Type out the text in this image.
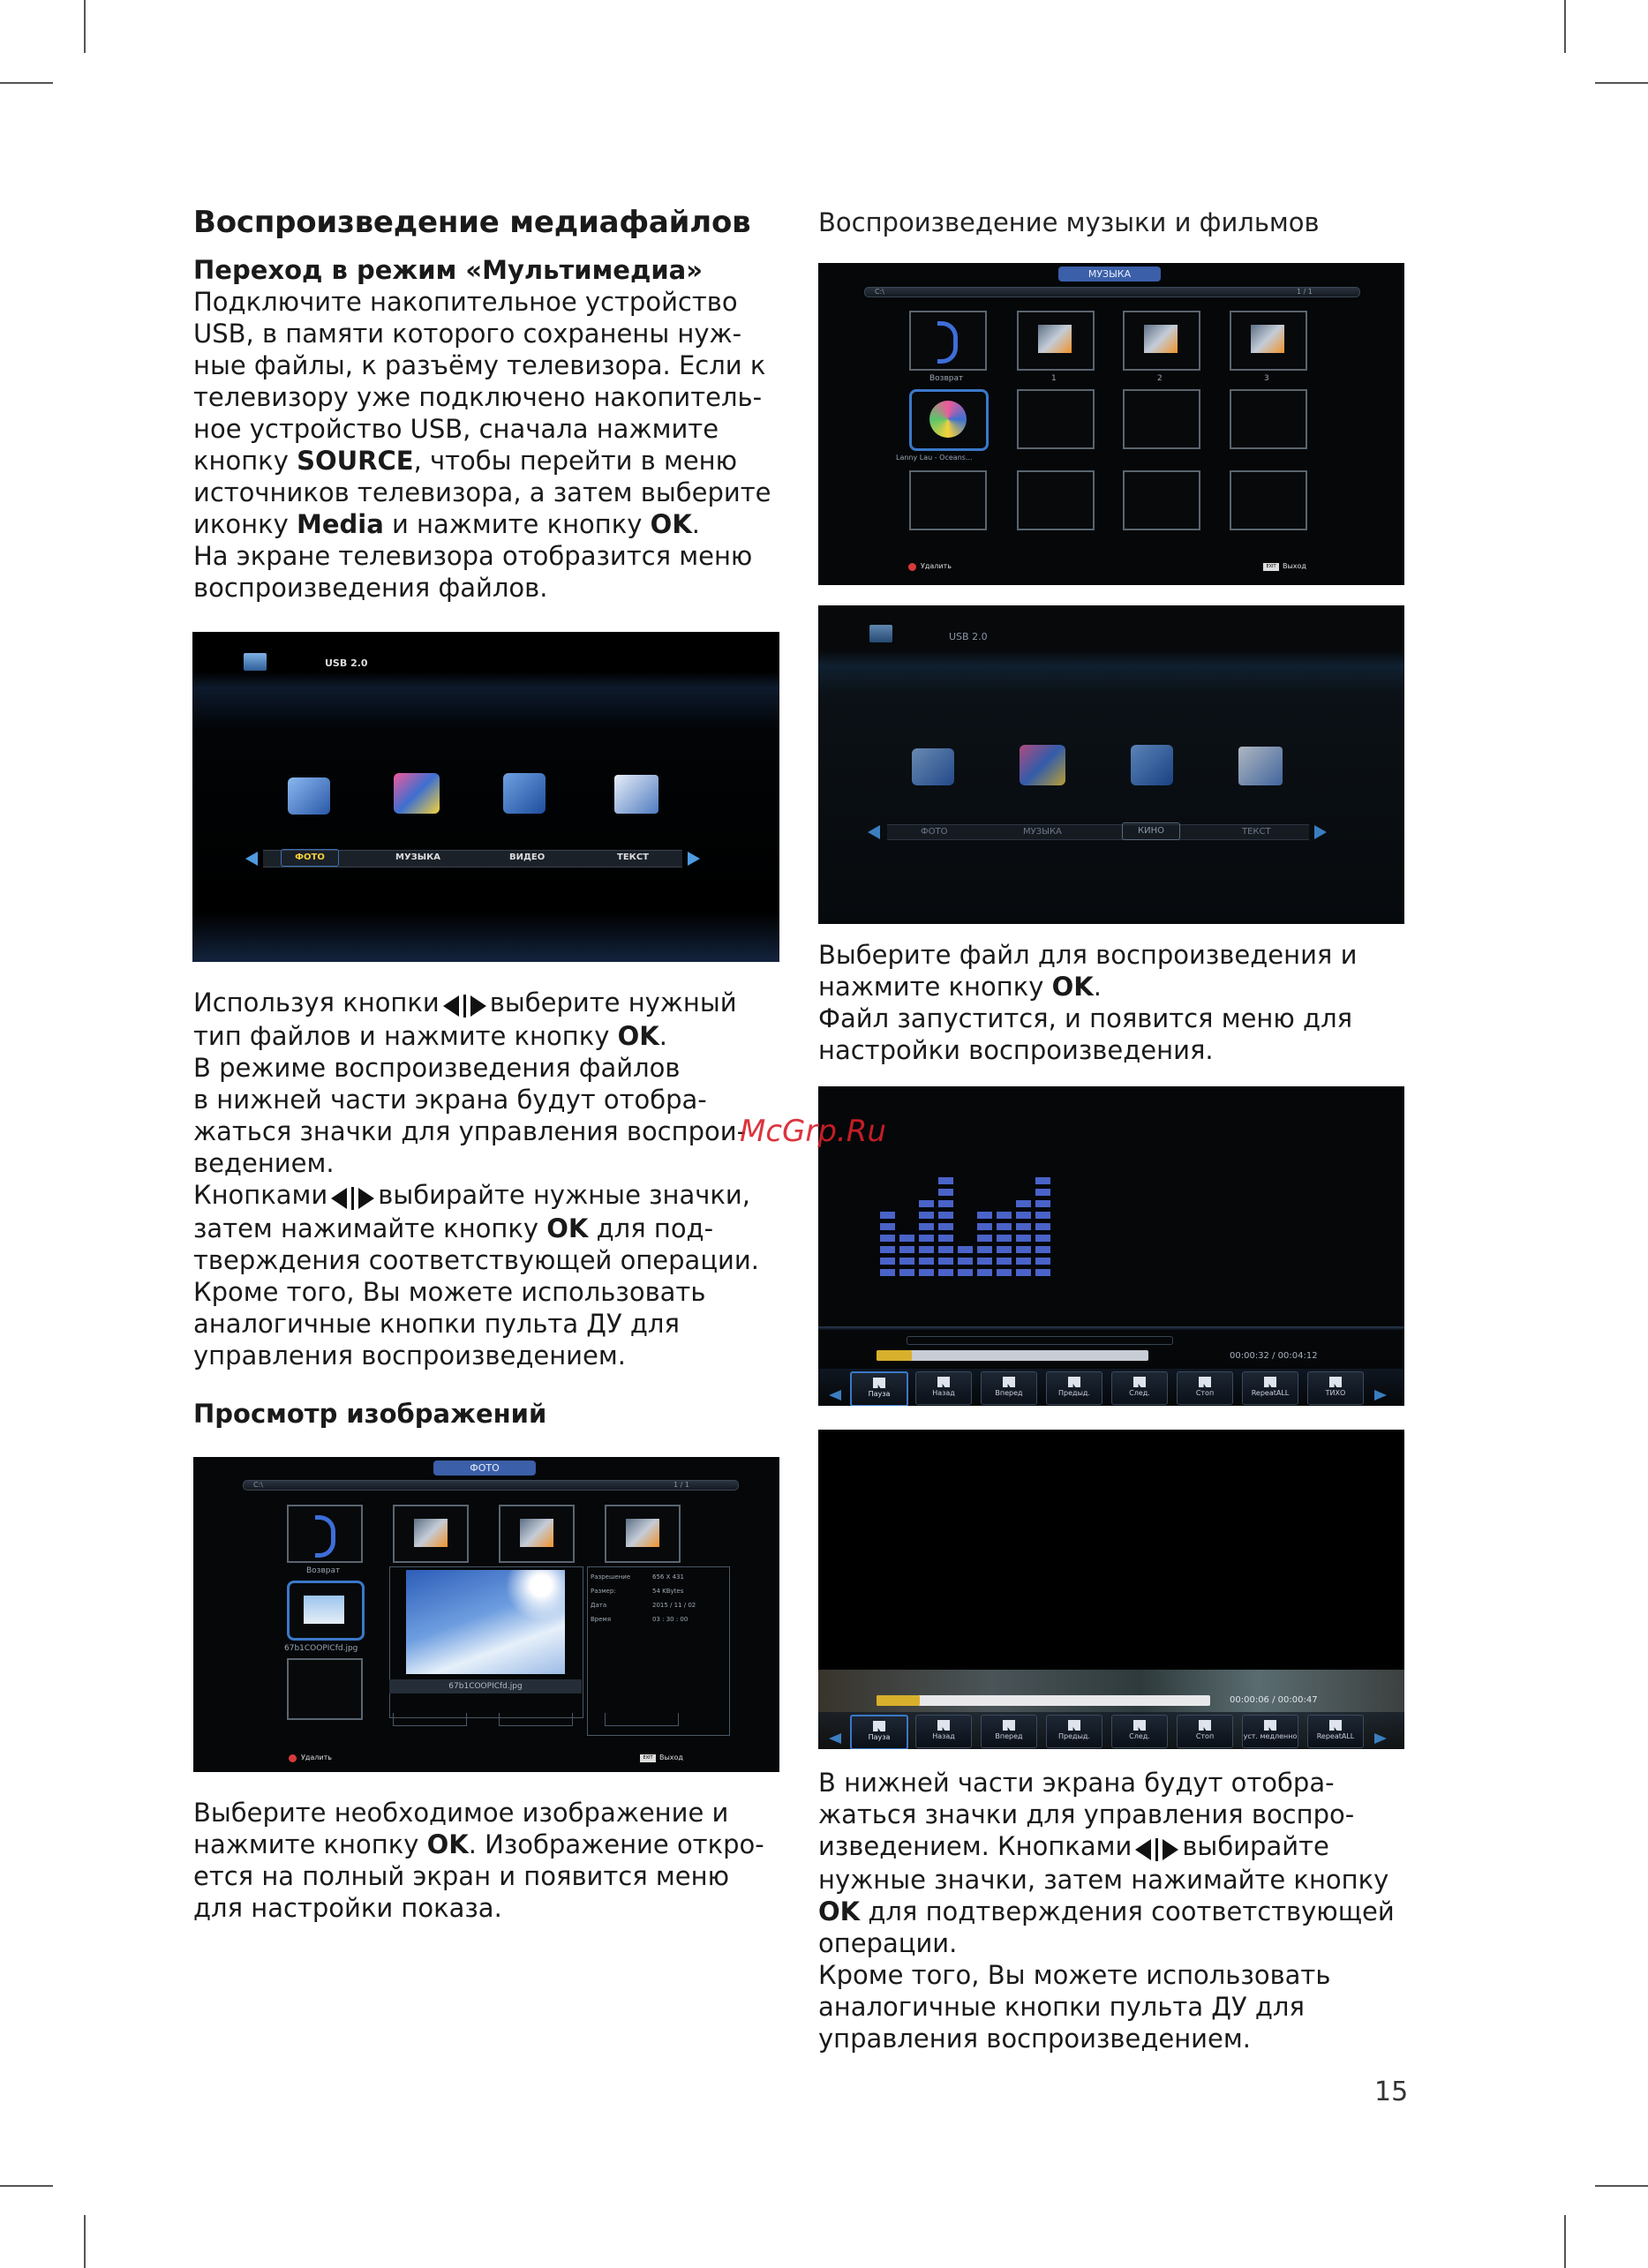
Воспроизведение медиафайлов
Переход в режим «Мультимедиа»

Подключите накопительное устройство

USB, в памяти которого сохранены нуж-

ные файлы, к разъёму телевизора. Если к

телевизору уже подключено накопитель-

ное устройство USB, сначала нажмите

кнопку SOURCE, чтобы перейти в меню

источников телевизора, а затем выберите

иконку Media и нажмите кнопку OK.

На экране телевизора отобразится меню

воспроизведения файлов.

USB 2.0
ФОТО	МУЗЫКА	ВИДЕО	ТЕКСТ

Используя кнопки выберите нужный

тип файлов и нажмите кнопку OK.

В режиме воспроизведения файлов

в нижней части экрана будут отобра-

жаться значки для управления воспрои-

ведением.

Кнопками выбирайте нужные значки,

затем нажимайте кнопку OK для под-

тверждения соответствующей операции.

Кроме того, Вы можете использовать

аналогичные кнопки пульта ДУ для

управления воспроизведением.

Просмотр изображений
ФОТО
C:\	1 / 1
Возврат
67b1COOPICfd.jpg
67b1COOPICfd.jpg
Разрешение
Размер:
Дата
Время
656 X 431
54 KBytes
2015 / 11 / 02
03 : 30 : 00
Удалить	EXIT Выход

Выберите необходимое изображение и

нажмите кнопку OK. Изображение откро-

ется на полный экран и появится меню

для настройки показа.

Воспроизведение музыки и фильмов
МУЗЫКА
C:\	1 / 1
Возврат	1	2	3
Lanny Lau - Oceans...
Удалить	EXIT Выход
USB 2.0
ФОТО	МУЗЫКА	КИНО	ТЕКСТ

Выберите файл для воспроизведения и

нажмите кнопку OK.

Файл запустится, и появится меню для

настройки воспроизведения.

00:00:32 / 00:04:12
Пауза	Назад	Вперед	Предыд.	След.	Стоп	RepeatALL	ТИХО
00:00:06 / 00:00:47
Пауза	Назад	Вперед	Предыд.	След.	Стоп	уст. медленно	RepeatALL

В нижней части экрана будут отобра-

жаться значки для управления воспро-

изведением. Кнопками выбирайте

нужные значки, затем нажимайте кнопку

OK для подтверждения соответствующей

операции.

Кроме того, Вы можете использовать

аналогичные кнопки пульта ДУ для

управления воспроизведением.

McGrp.Ru
15
